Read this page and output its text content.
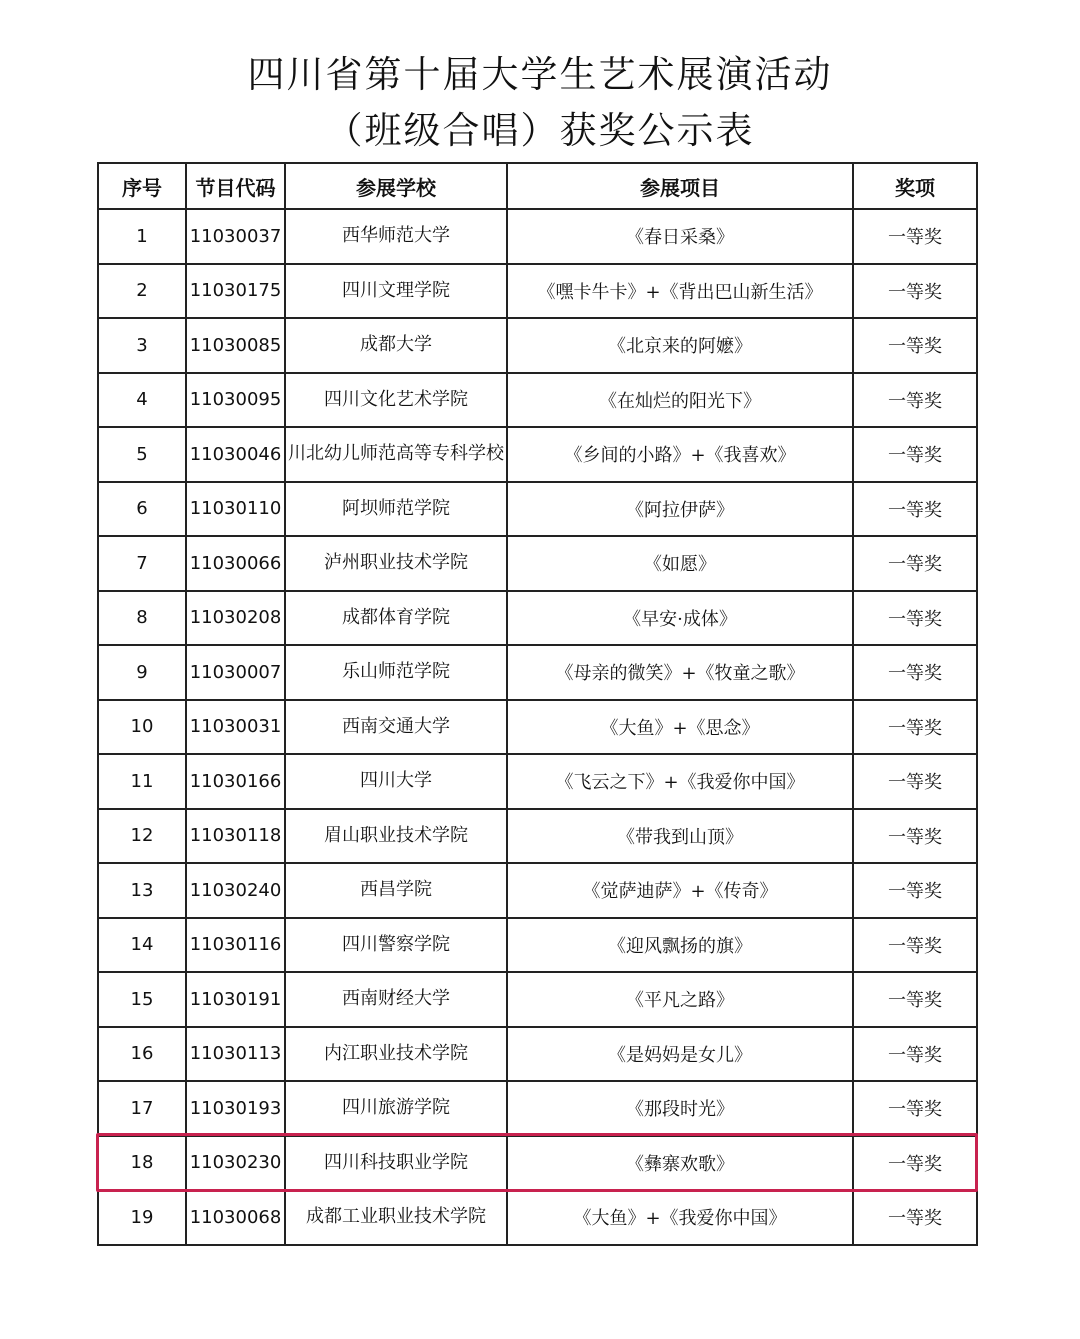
四川省第十届大学生艺术展演活动
（班级合唱）获奖公示表
序号	节目代码	参展学校	参展项目	奖项
1	11030037	西华师范大学	《春日采桑》	一等奖
2	11030175	四川文理学院	《嘿卡牛卡》+《背出巴山新生活》	一等奖
3	11030085	成都大学	《北京来的阿嬷》	一等奖
4	11030095	四川文化艺术学院	《在灿烂的阳光下》	一等奖
5	11030046	川北幼儿师范高等专科学校	《乡间的小路》+《我喜欢》	一等奖
6	11030110	阿坝师范学院	《阿拉伊萨》	一等奖
7	11030066	泸州职业技术学院	《如愿》	一等奖
8	11030208	成都体育学院	《早安·成体》	一等奖
9	11030007	乐山师范学院	《母亲的微笑》+《牧童之歌》	一等奖
10	11030031	西南交通大学	《大鱼》+《思念》	一等奖
11	11030166	四川大学	《飞云之下》+《我爱你中国》	一等奖
12	11030118	眉山职业技术学院	《带我到山顶》	一等奖
13	11030240	西昌学院	《觉萨迪萨》+《传奇》	一等奖
14	11030116	四川警察学院	《迎风飘扬的旗》	一等奖
15	11030191	西南财经大学	《平凡之路》	一等奖
16	11030113	内江职业技术学院	《是妈妈是女儿》	一等奖
17	11030193	四川旅游学院	《那段时光》	一等奖
18	11030230	四川科技职业学院	《彝寨欢歌》	一等奖
19	11030068	成都工业职业技术学院	《大鱼》+《我爱你中国》	一等奖
